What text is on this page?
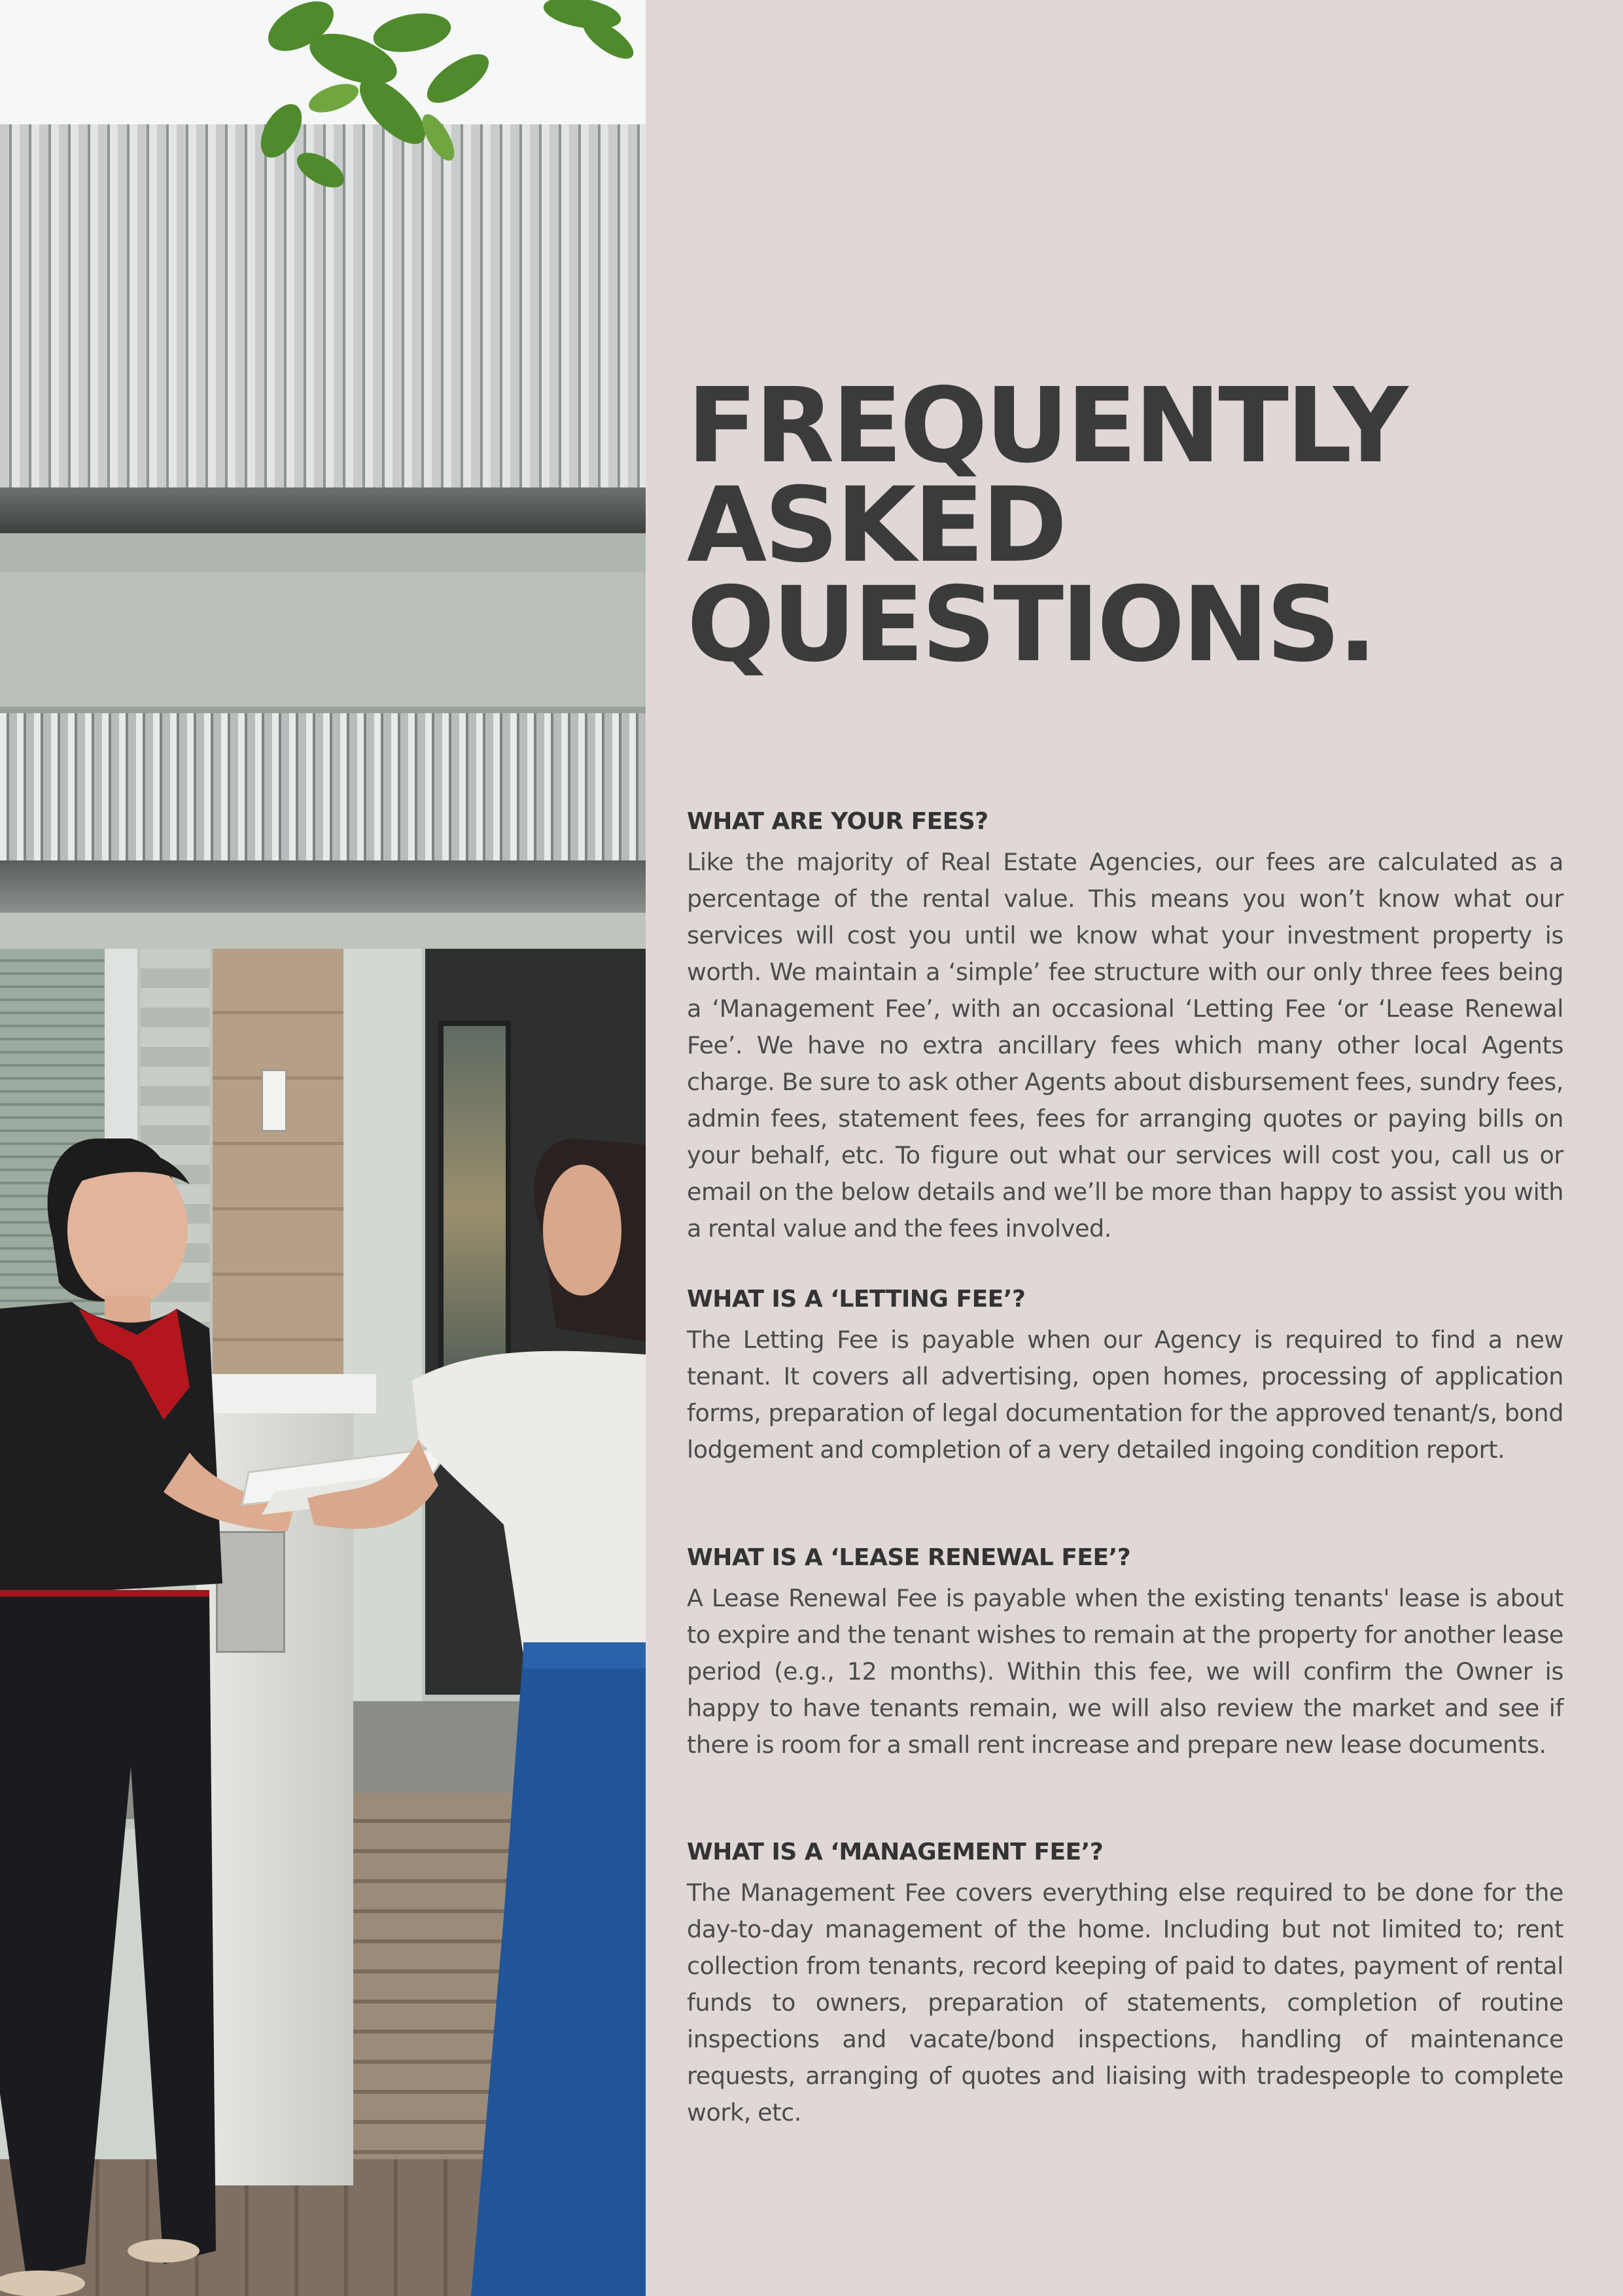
FREQUENTLY
ASKED
QUESTIONS.
WHAT ARE YOUR FEES?

Like the majority of Real Estate Agencies, our fees are calculated as a percentage of the rental value. This means you won’t know what our services will cost you until we know what your investment property is worth. We maintain a ‘simple’ fee structure with our only three fees being a ‘Management Fee’, with an occasional ‘Letting Fee ‘or ‘Lease Renewal Fee’. We have no extra ancillary fees which many other local Agents charge. Be sure to ask other Agents about disbursement fees, sundry fees, admin fees, statement fees, fees for arranging quotes or paying bills on your behalf, etc. To figure out what our services will cost you, call us or email on the below details and we’ll be more than happy to assist you with a rental value and the fees involved.

WHAT IS A ‘LETTING FEE’?

The Letting Fee is payable when our Agency is required to find a new tenant. It covers all advertising, open homes, processing of application forms, preparation of legal documentation for the approved tenant/s, bond lodgement and completion of a very detailed ingoing condition report.

WHAT IS A ‘LEASE RENEWAL FEE’?

A Lease Renewal Fee is payable when the existing tenants' lease is about to expire and the tenant wishes to remain at the property for another lease period (e.g., 12 months). Within this fee, we will confirm the Owner is happy to have tenants remain, we will also review the market and see if there is room for a small rent increase and prepare new lease documents.

WHAT IS A ‘MANAGEMENT FEE’?

The Management Fee covers everything else required to be done for the day-to-day management of the home. Including but not limited to; rent collection from tenants, record keeping of paid to dates, payment of rental funds to owners, preparation of statements, completion of routine inspections and vacate/bond inspections, handling of maintenance requests, arranging of quotes and liaising with tradespeople to complete work, etc.
